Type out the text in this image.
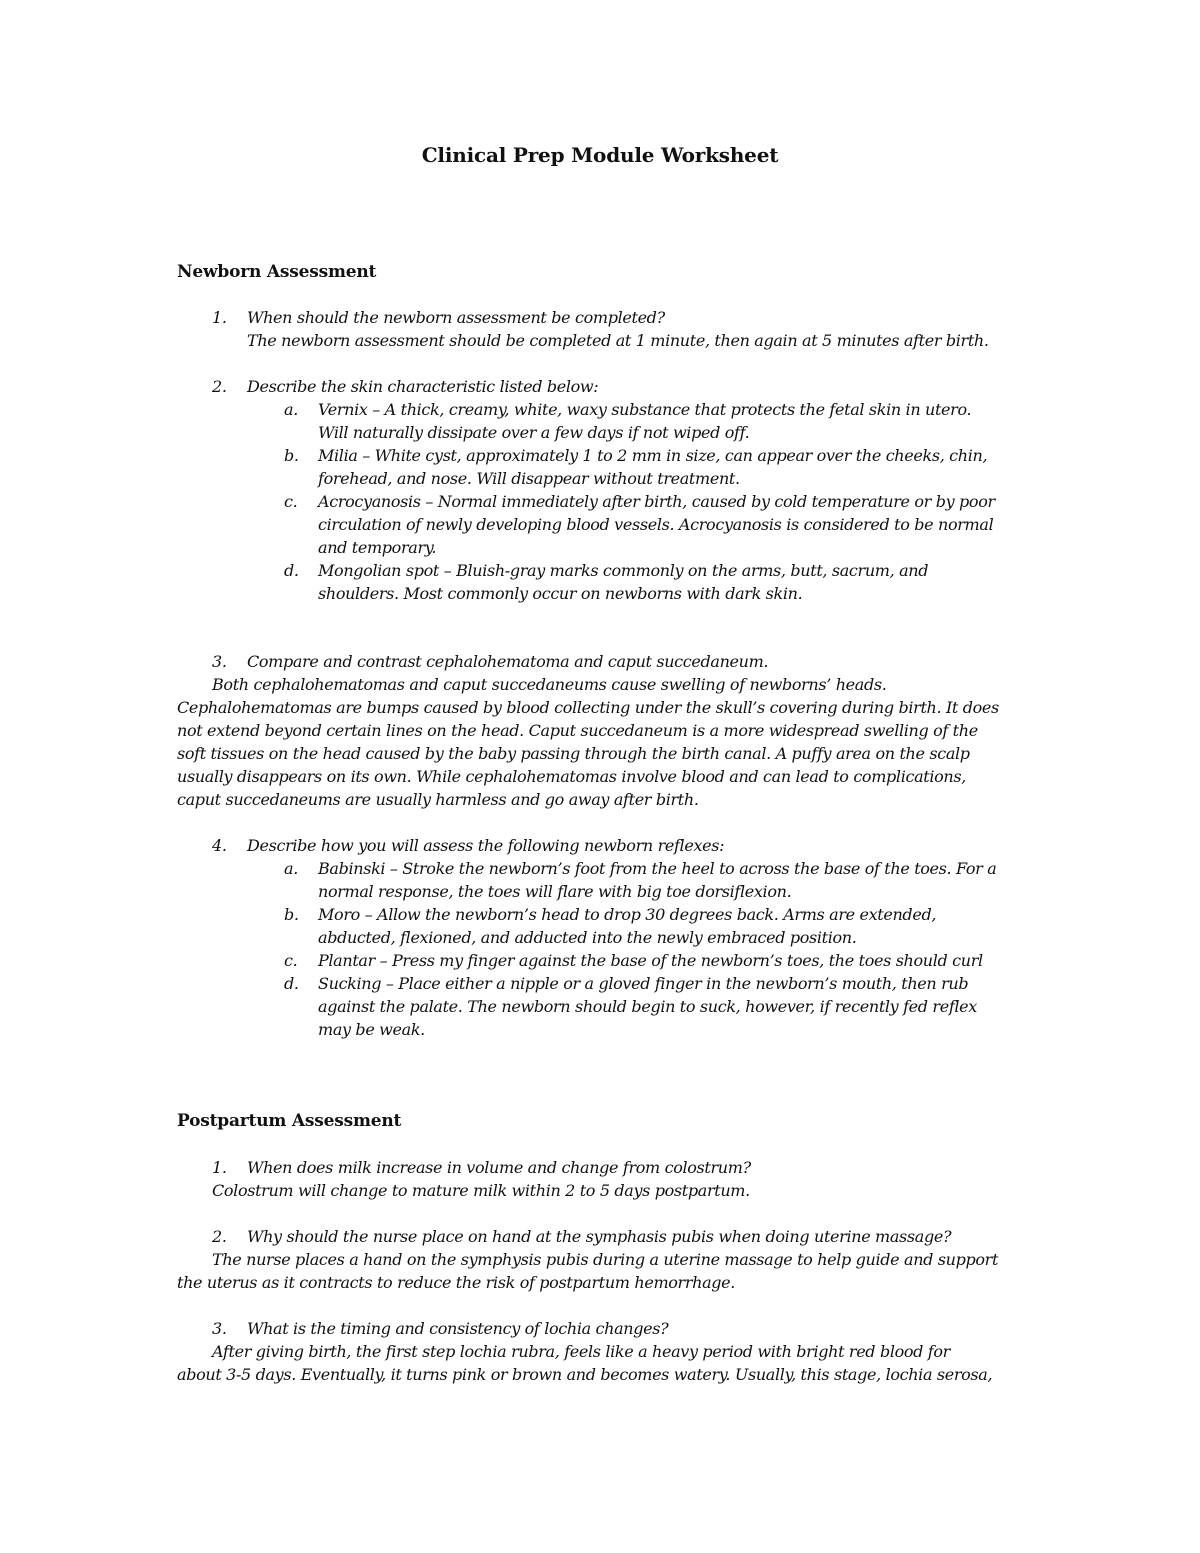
Clinical Prep Module Worksheet
Newborn Assessment
1. When should the newborn assessment be completed?
The newborn assessment should be completed at 1 minute, then again at 5 minutes after birth.
2. Describe the skin characteristic listed below:
a. Vernix – A thick, creamy, white, waxy substance that protects the fetal skin in utero.
Will naturally dissipate over a few days if not wiped off.
b. Milia – White cyst, approximately 1 to 2 mm in size, can appear over the cheeks, chin,
forehead, and nose. Will disappear without treatment.
c. Acrocyanosis – Normal immediately after birth, caused by cold temperature or by poor
circulation of newly developing blood vessels. Acrocyanosis is considered to be normal
and temporary.
d. Mongolian spot – Bluish-gray marks commonly on the arms, butt, sacrum, and
shoulders. Most commonly occur on newborns with dark skin.
3. Compare and contrast cephalohematoma and caput succedaneum.
Both cephalohematomas and caput succedaneums cause swelling of newborns’ heads.
Cephalohematomas are bumps caused by blood collecting under the skull’s covering during birth. It does
not extend beyond certain lines on the head. Caput succedaneum is a more widespread swelling of the
soft tissues on the head caused by the baby passing through the birth canal. A puffy area on the scalp
usually disappears on its own. While cephalohematomas involve blood and can lead to complications,
caput succedaneums are usually harmless and go away after birth.
4. Describe how you will assess the following newborn reflexes:
a. Babinski – Stroke the newborn’s foot from the heel to across the base of the toes. For a
normal response, the toes will flare with big toe dorsiflexion.
b. Moro – Allow the newborn’s head to drop 30 degrees back. Arms are extended,
abducted, flexioned, and adducted into the newly embraced position.
c. Plantar – Press my finger against the base of the newborn’s toes, the toes should curl
d. Sucking – Place either a nipple or a gloved finger in the newborn’s mouth, then rub
against the palate. The newborn should begin to suck, however, if recently fed reflex
may be weak.
Postpartum Assessment
1. When does milk increase in volume and change from colostrum?
Colostrum will change to mature milk within 2 to 5 days postpartum.
2. Why should the nurse place on hand at the symphasis pubis when doing uterine massage?
The nurse places a hand on the symphysis pubis during a uterine massage to help guide and support
the uterus as it contracts to reduce the risk of postpartum hemorrhage.
3. What is the timing and consistency of lochia changes?
After giving birth, the first step lochia rubra, feels like a heavy period with bright red blood for
about 3-5 days. Eventually, it turns pink or brown and becomes watery. Usually, this stage, lochia serosa,
